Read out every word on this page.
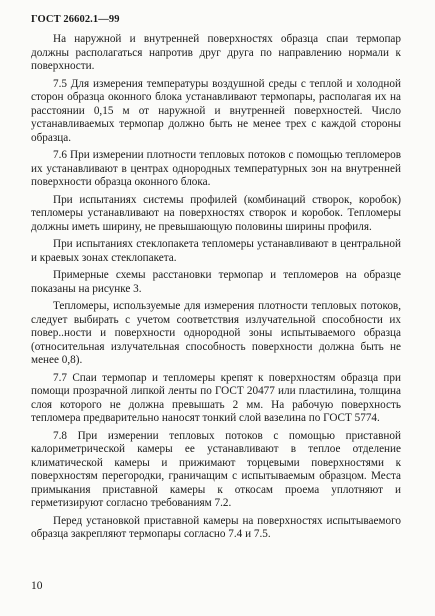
ГОСТ 26602.1—99

На наружной и внутренней поверхностях образца спаи термопар должны располагаться напротив друг друга по направлению нормали к поверхности.

7.5 Для измерения температуры воздушной среды с теплой и холодной сторон образца оконного блока устанавливают термопары, располагая их на расстоянии 0,15 м от наружной и внутренней поверхностей. Число устанавливаемых термопар должно быть не менее трех с каждой стороны образца.

7.6 При измерении плотности тепловых потоков с помощью тепломеров их устанавливают в центрах однородных температурных зон на внутренней поверхности образца оконного блока.

При испытаниях системы профилей (комбинаций створок, коробок) тепломеры устанавливают на поверхностях створок и коробок. Тепломеры должны иметь ширину, не превышающую половины ширины профиля.

При испытаниях стеклопакета тепломеры устанавливают в центральной и краевых зонах стеклопакета.

Примерные схемы расстановки термопар и тепломеров на образце показаны на рисунке 3.

Тепломеры, используемые для измерения плотности тепловых потоков, следует выбирать с учетом соответствия излучательной способности их повер..ности и поверхности однородной зоны испытываемого образца (относительная излучательная способность поверхности должна быть не менее 0,8).

7.7 Спаи термопар и тепломеры крепят к поверхностям образца при помощи прозрачной липкой ленты по ГОСТ 20477 или пластилина, толщина слоя которого не должна превышать 2 мм. На рабочую поверхность тепломера предварительно наносят тонкий слой вазелина по ГОСТ 5774.

7.8 При измерении тепловых потоков с помощью приставной калориметрической камеры ее устанавливают в теплое отделение климатической камеры и прижимают торцевыми поверхностями к поверхностям перегородки, граничащим с испытываемым образцом. Места примыкания приставной камеры к откосам проема уплотняют и герметизируют согласно требованиям 7.2.

Перед установкой приставной камеры на поверхностях испытываемого образца закрепляют термопары согласно 7.4 и 7.5.

10
